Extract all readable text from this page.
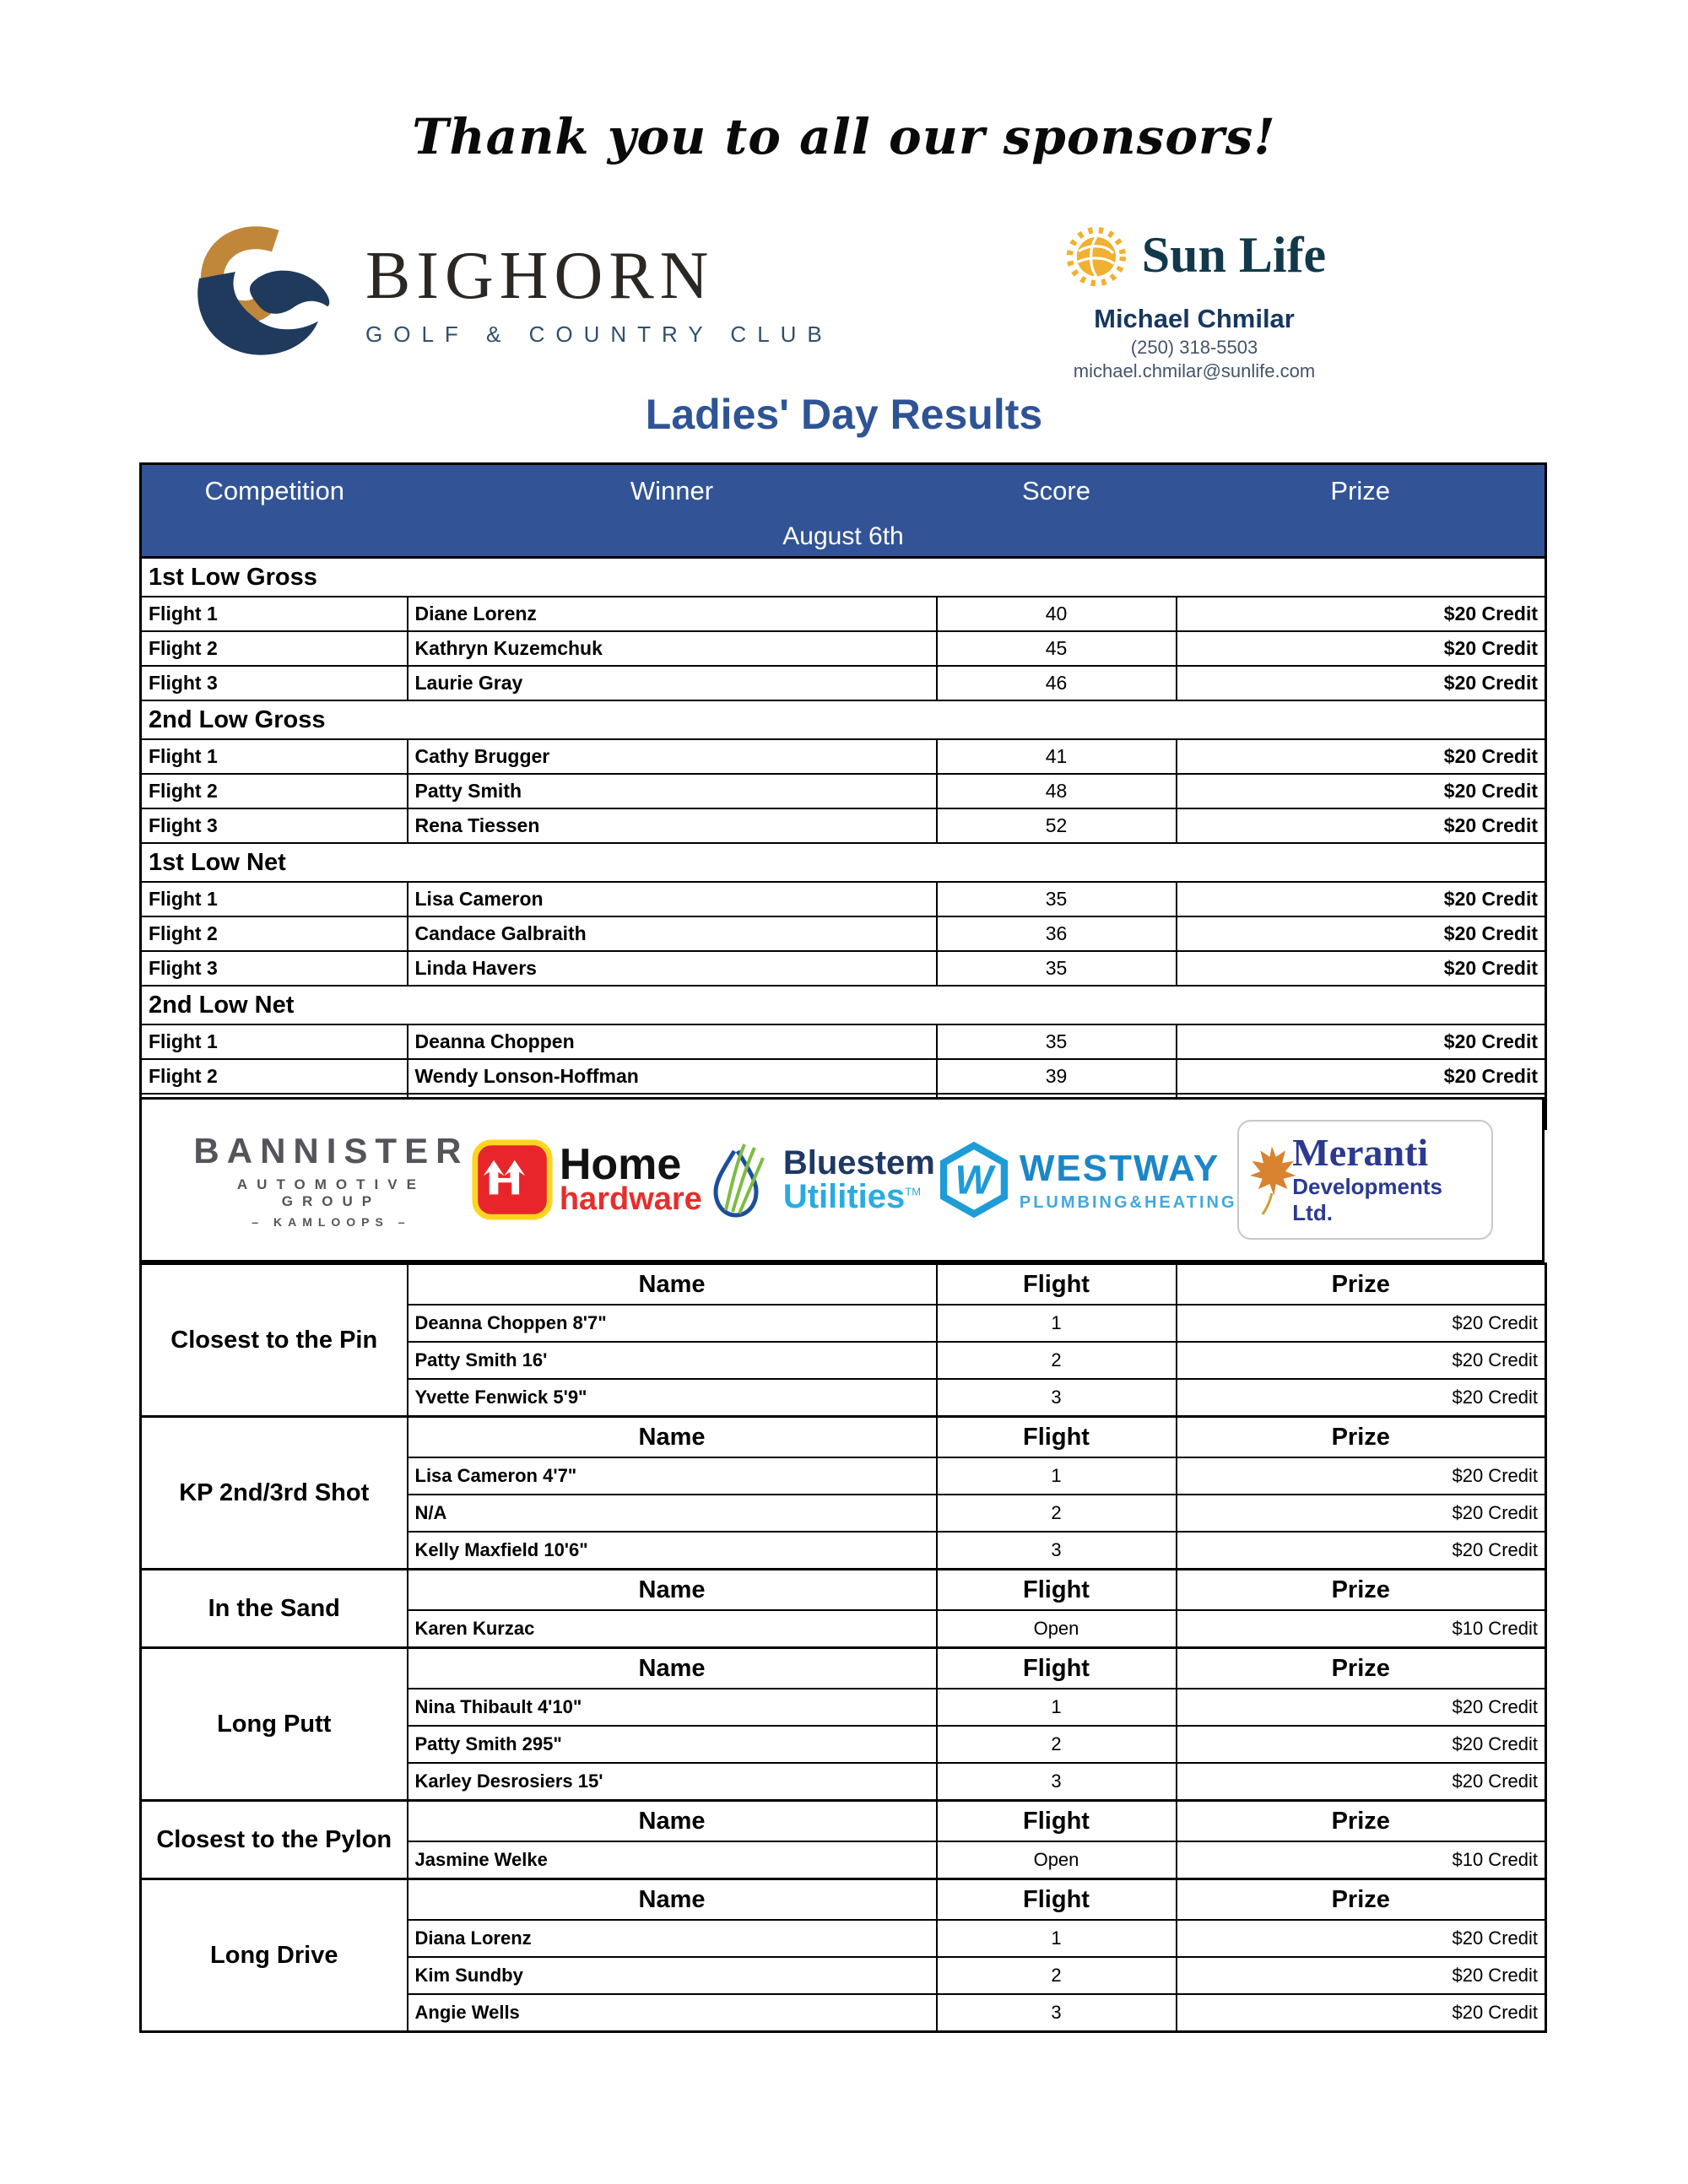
Thank you to all our sponsors!
BIGHORN
GOLF & COUNTRY CLUB
Sun Life
Michael Chmilar
(250) 318-5503
michael.chmilar@sunlife.com
Ladies' Day Results
Competition	Winner	Score	Prize
August 6th			
1st Low Gross			
Flight 1	Diane Lorenz	40	$20 Credit
Flight 2	Kathryn Kuzemchuk	45	$20 Credit
Flight 3	Laurie Gray	46	$20 Credit
2nd Low Gross			
Flight 1	Cathy Brugger	41	$20 Credit
Flight 2	Patty Smith	48	$20 Credit
Flight 3	Rena Tiessen	52	$20 Credit
1st Low Net			
Flight 1	Lisa Cameron	35	$20 Credit
Flight 2	Candace Galbraith	36	$20 Credit
Flight 3	Linda Havers	35	$20 Credit
2nd Low Net			
Flight 1	Deanna Choppen	35	$20 Credit
Flight 2	Wendy Lonson-Hoffman	39	$20 Credit

BANNISTER
AUTOMOTIVE GROUP
– KAMLOOPS –
Home
hardware
Bluestem
Utilities™ W WESTWAY
PLUMBING&HEATING
Meranti
Developments Ltd.
Closest to the Pin	Name	Flight	Prize
	Deanna Choppen 8'7"	1	$20 Credit
	Patty Smith 16'	2	$20 Credit
	Yvette Fenwick 5'9"	3	$20 Credit
KP 2nd/3rd Shot	Name	Flight	Prize
	Lisa Cameron 4'7"	1	$20 Credit
	N/A	2	$20 Credit
	Kelly Maxfield 10'6"	3	$20 Credit
In the Sand	Name	Flight	Prize
	Karen Kurzac	Open	$10 Credit
Long Putt	Name	Flight	Prize
	Nina Thibault 4'10"	1	$20 Credit
	Patty Smith 295"	2	$20 Credit
	Karley Desrosiers 15'	3	$20 Credit
Closest to the Pylon	Name	Flight	Prize
	Jasmine Welke	Open	$10 Credit
Long Drive	Name	Flight	Prize
	Diana Lorenz	1	$20 Credit
	Kim Sundby	2	$20 Credit
	Angie Wells	3	$20 Credit
